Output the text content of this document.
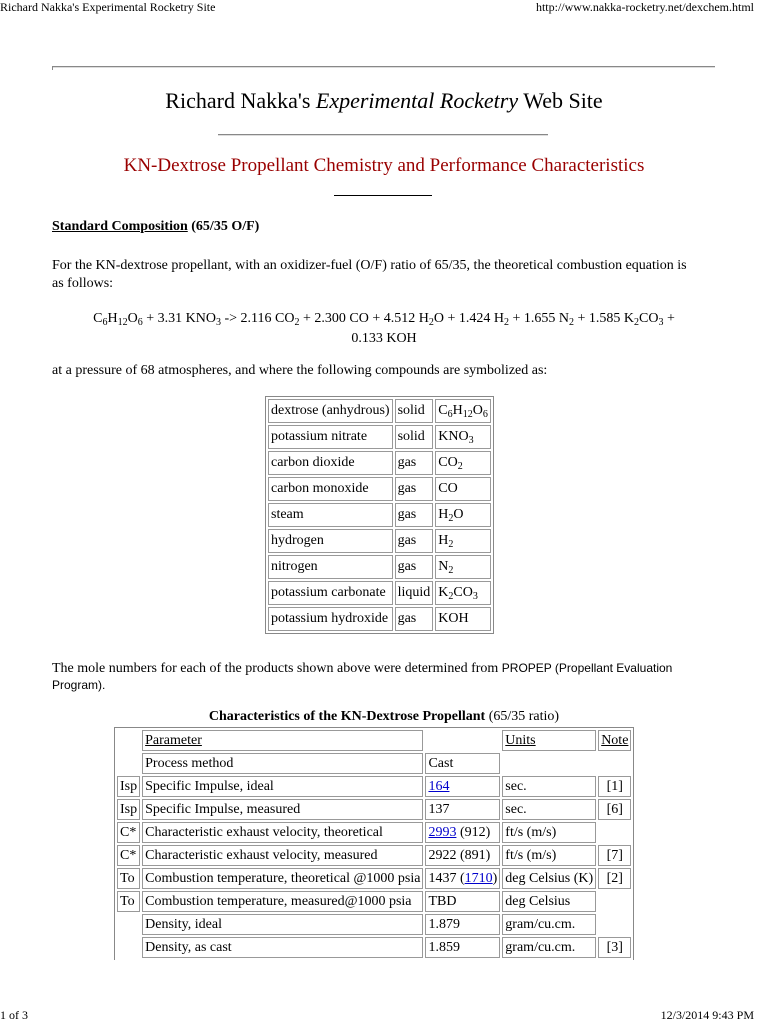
Richard Nakka's Experimental Rocketry Site	http://www.nakka-rocketry.net/dexchem.html
Richard Nakka's Experimental Rocketry Web Site
KN-Dextrose Propellant Chemistry and Performance Characteristics
Standard Composition (65/35 O/F)
For the KN-dextrose propellant, with an oxidizer-fuel (O/F) ratio of 65/35, the theoretical combustion equation is as follows:
$C_6H_{12}O_6 + 3.31$ $KNO_3 -> 2.116$ $CO_2 + 2.300$ CO + 4.512 $H_2O + 1.424$ $H_2 + 1.655$ $N_2 + 1.585$ $K_2CO_3$ +
0.133 KOH
at a pressure of 68 atmospheres, and where the following compounds are symbolized as:
dextrose (anhydrous)	solid	$C_6H_{12}O_6$
potassium nitrate	solid	$KNO_3$
carbon dioxide	gas	$CO_2$
carbon monoxide	gas	CO
steam	gas	$H_2O$
hydrogen	gas	$H_2$
nitrogen	gas	$N_2$
potassium carbonate	liquid	$K_2CO_3$
potassium hydroxide	gas	KOH
The mole numbers for each of the products shown above were determined from PROPEP (Propellant Evaluation Program).
Characteristics of the KN-Dextrose Propellant (65/35 ratio)
	Parameter		Units	Note
	Process method	Cast		
Isp	Specific Impulse, ideal	164	sec.	[1]
Isp	Specific Impulse, measured	137	sec.	[6]
C*	Characteristic exhaust velocity, theoretical	2993 (912)	ft/s (m/s)	
C*	Characteristic exhaust velocity, measured	2922 (891)	ft/s (m/s)	[7]
To	Combustion temperature, theoretical @1000 psia	1437 (1710)	deg Celsius (K)	[2]
To	Combustion temperature, measured@1000 psia	TBD	deg Celsius	
	Density, ideal	1.879	gram/cu.cm.	
	Density, as cast	1.859	gram/cu.cm.	[3]
1 of 3	12/3/2014 9:43 PM
